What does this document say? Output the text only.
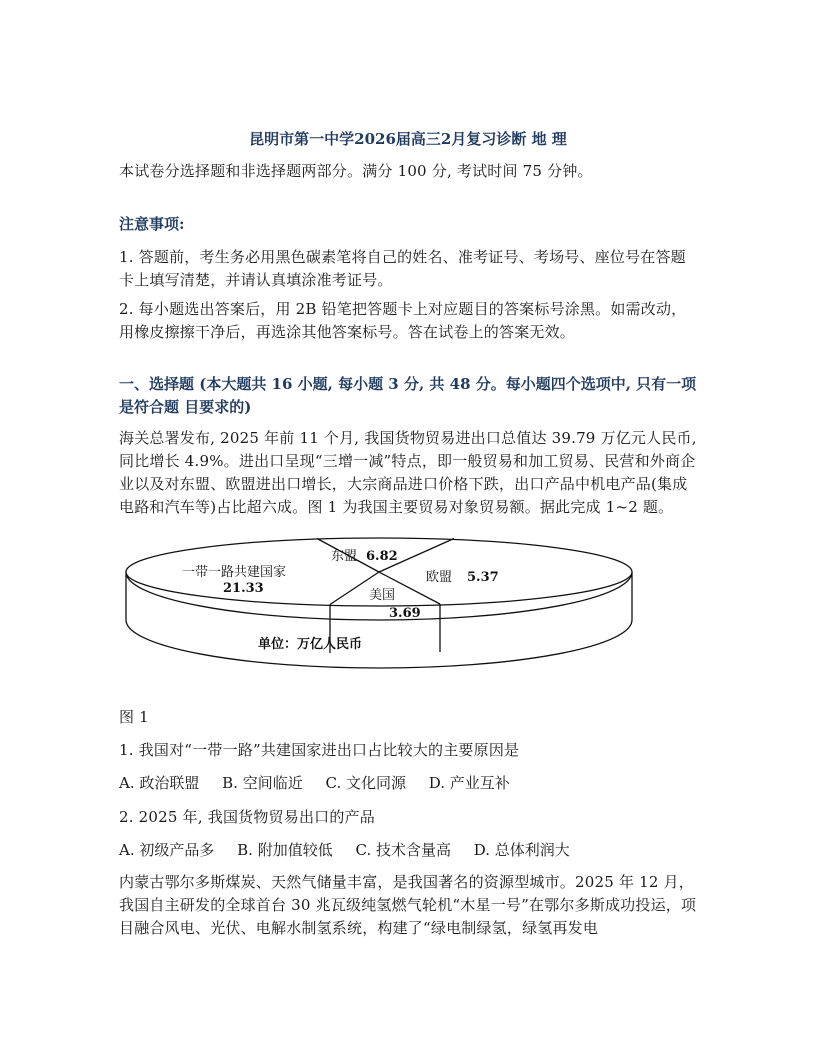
昆明市第一中学2026届高三2月复习诊断 地 理
本试卷分选择题和非选择题两部分。满分 100 分, 考试时间 75 分钟。
注意事项:
1. 答题前，考生务必用黑色碳素笔将自己的姓名、准考证号、考场号、座位号在答题卡上填写清楚，并请认真填涂准考证号。
2. 每小题选出答案后，用 2B 铅笔把答题卡上对应题目的答案标号涂黑。如需改动，用橡皮擦擦干净后，再选涂其他答案标号。答在试卷上的答案无效。
一、选择题 (本大题共 16 小题, 每小题 3 分, 共 48 分。每小题四个选项中, 只有一项是符合题 目要求的)
海关总署发布, 2025 年前 11 个月, 我国货物贸易进出口总值达 39.79 万亿元人民币, 同比增长 4.9%。进出口呈现“三增一减”特点，即一般贸易和加工贸易、民营和外商企业以及对东盟、欧盟进出口增长，大宗商品进口价格下跌，出口产品中机电产品(集成电路和汽车等)占比超六成。图 1 为我国主要贸易对象贸易额。据此完成 1~2 题。
一带一路共建国家
21.33
东盟 6.82
欧盟 5.37
美国
3.69
单位：万亿人民币
图 1
1. 我国对“一带一路”共建国家进出口占比较大的主要原因是
A. 政治联盟 B. 空间临近 C. 文化同源 D. 产业互补
2. 2025 年, 我国货物贸易出口的产品
A. 初级产品多 B. 附加值较低 C. 技术含量高 D. 总体利润大
内蒙古鄂尔多斯煤炭、天然气储量丰富，是我国著名的资源型城市。2025 年 12 月，我国自主研发的全球首台 30 兆瓦级纯氢燃气轮机“木星一号”在鄂尔多斯成功投运，项目融合风电、光伏、电解水制氢系统，构建了“绿电制绿氢，绿氢再发电
